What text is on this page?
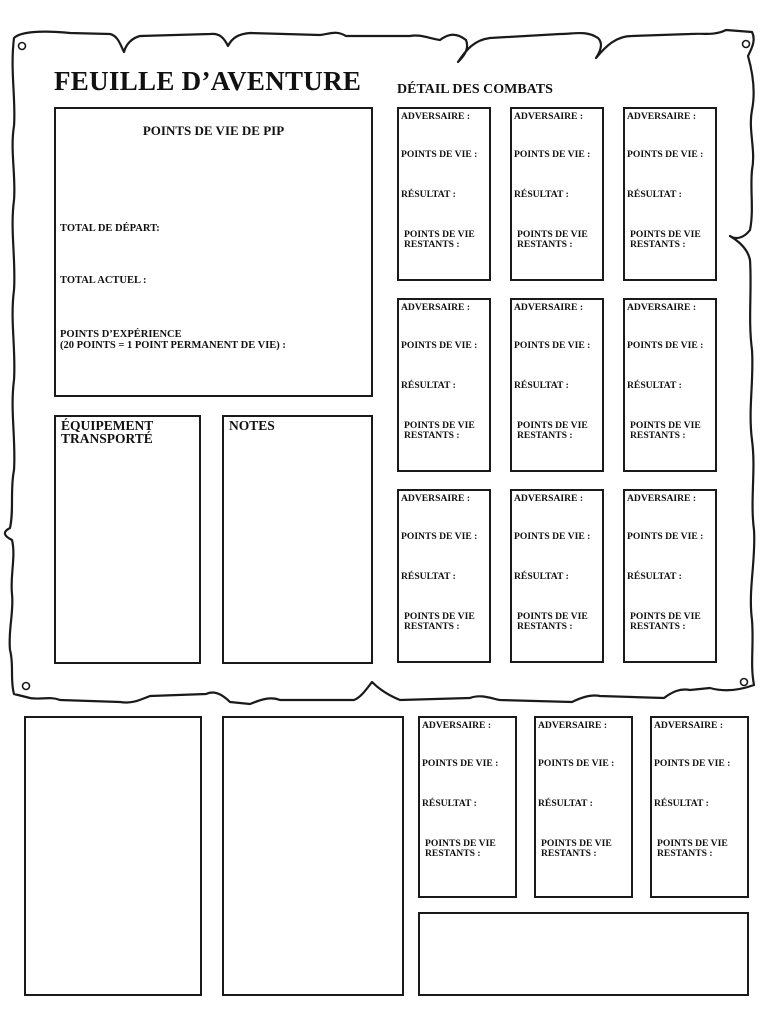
FEUILLE D’AVENTURE	DÉTAIL DES COMBATS
POINTS DE VIE DE PIP
TOTAL DE DÉPART:
TOTAL ACTUEL :
POINTS D’EXPÉRIENCE
(20 POINTS = 1 POINT PERMANENT DE VIE) :
ÉQUIPEMENT
TRANSPORTÉ
NOTES
ADVERSAIRE :
POINTS DE VIE :
RÉSULTAT :
POINTS DE VIE
RESTANTS :
ADVERSAIRE :
POINTS DE VIE :
RÉSULTAT :
POINTS DE VIE
RESTANTS :
ADVERSAIRE :
POINTS DE VIE :
RÉSULTAT :
POINTS DE VIE
RESTANTS :
ADVERSAIRE :
POINTS DE VIE :
RÉSULTAT :
POINTS DE VIE
RESTANTS :
ADVERSAIRE :
POINTS DE VIE :
RÉSULTAT :
POINTS DE VIE
RESTANTS :
ADVERSAIRE :
POINTS DE VIE :
RÉSULTAT :
POINTS DE VIE
RESTANTS :
ADVERSAIRE :
POINTS DE VIE :
RÉSULTAT :
POINTS DE VIE
RESTANTS :
ADVERSAIRE :
POINTS DE VIE :
RÉSULTAT :
POINTS DE VIE
RESTANTS :
ADVERSAIRE :
POINTS DE VIE :
RÉSULTAT :
POINTS DE VIE
RESTANTS :
ADVERSAIRE :
POINTS DE VIE :
RÉSULTAT :
POINTS DE VIE
RESTANTS :
ADVERSAIRE :
POINTS DE VIE :
RÉSULTAT :
POINTS DE VIE
RESTANTS :
ADVERSAIRE :
POINTS DE VIE :
RÉSULTAT :
POINTS DE VIE
RESTANTS :
